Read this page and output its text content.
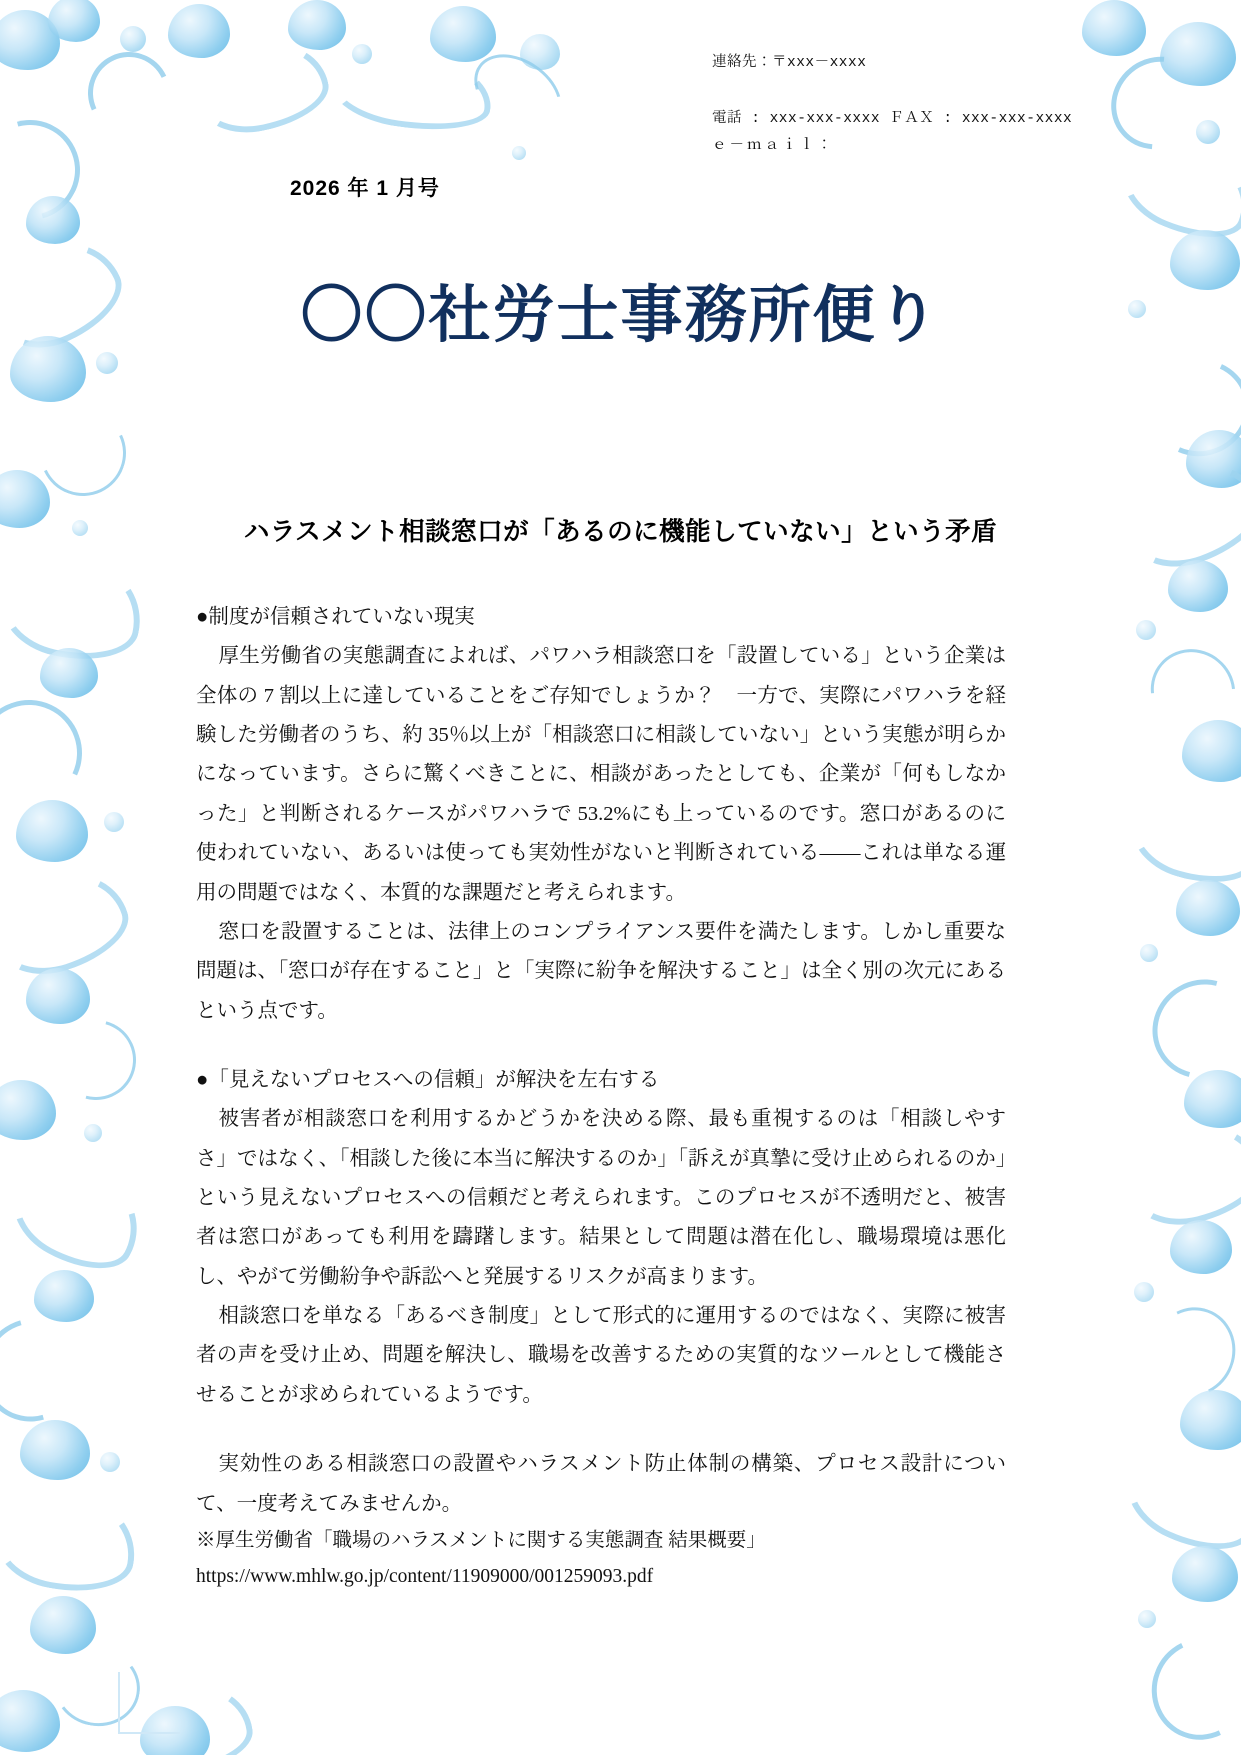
連絡先：〒xxx－xxxx
電話 : xxx-xxx-xxxx ＦＡＸ : xxx-xxx-xxxx
ｅ－ｍａｉｌ：
2026 年 1 月号
〇〇社労士事務所便り
ハラスメント相談窓口が「あるのに機能していない」という矛盾

●制度が信頼されていない現実

厚生労働省の実態調査によれば、パワハラ相談窓口を「設置している」という企業は全体の 7 割以上に達していることをご存知でしょうか？　一方で、実際にパワハラを経験した労働者のうち、約 35％以上が「相談窓口に相談していない」という実態が明らかになっています。さらに驚くべきことに、相談があったとしても、企業が「何もしなかった」と判断されるケースがパワハラで 53.2%にも上っているのです。窓口があるのに使われていない、あるいは使っても実効性がないと判断されている——これは単なる運用の問題ではなく、本質的な課題だと考えられます。

窓口を設置することは、法律上のコンプライアンス要件を満たします。しかし重要な問題は、「窓口が存在すること」と「実際に紛争を解決すること」は全く別の次元にあるという点です。

●「見えないプロセスへの信頼」が解決を左右する

被害者が相談窓口を利用するかどうかを決める際、最も重視するのは「相談しやすさ」ではなく、「相談した後に本当に解決するのか」「訴えが真摯に受け止められるのか」という見えないプロセスへの信頼だと考えられます。このプロセスが不透明だと、被害者は窓口があっても利用を躊躇します。結果として問題は潜在化し、職場環境は悪化し、やがて労働紛争や訴訟へと発展するリスクが高まります。

相談窓口を単なる「あるべき制度」として形式的に運用するのではなく、実際に被害者の声を受け止め、問題を解決し、職場を改善するための実質的なツールとして機能させることが求められているようです。

実効性のある相談窓口の設置やハラスメント防止体制の構築、プロセス設計について、一度考えてみませんか。

※厚生労働省「職場のハラスメントに関する実態調査 結果概要」

https://www.mhlw.go.jp/content/11909000/001259093.pdf
